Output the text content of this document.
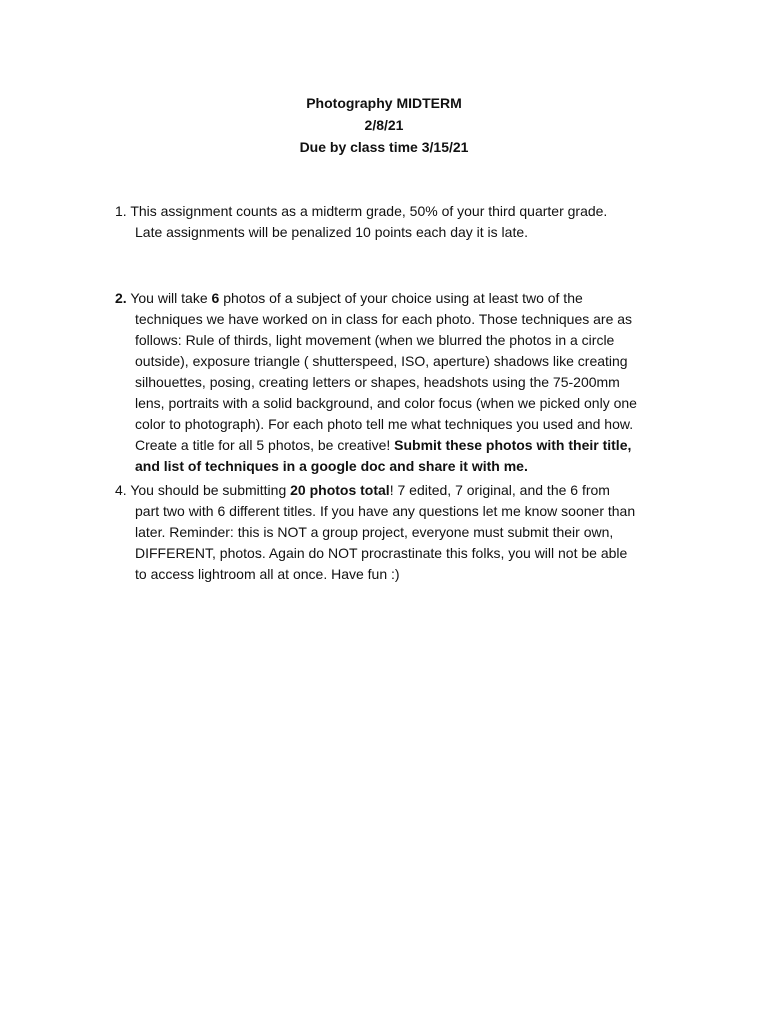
Photography MIDTERM
2/8/21
Due by class time 3/15/21
1. This assignment counts as a midterm grade, 50% of your third quarter grade.
Late assignments will be penalized 10 points each day it is late.
2. You will take 6 photos of a subject of your choice using at least two of the
techniques we have worked on in class for each photo. Those techniques are as
follows: Rule of thirds, light movement (when we blurred the photos in a circle
outside), exposure triangle ( shutterspeed, ISO, aperture) shadows like creating
silhouettes, posing, creating letters or shapes, headshots using the 75-200mm
lens, portraits with a solid background, and color focus (when we picked only one
color to photograph). For each photo tell me what techniques you used and how.
Create a title for all 5 photos, be creative! Submit these photos with their title,
and list of techniques in a google doc and share it with me.
4. You should be submitting 20 photos total! 7 edited, 7 original, and the 6 from
part two with 6 different titles. If you have any questions let me know sooner than
later. Reminder: this is NOT a group project, everyone must submit their own,
DIFFERENT, photos. Again do NOT procrastinate this folks, you will not be able
to access lightroom all at once. Have fun :)
